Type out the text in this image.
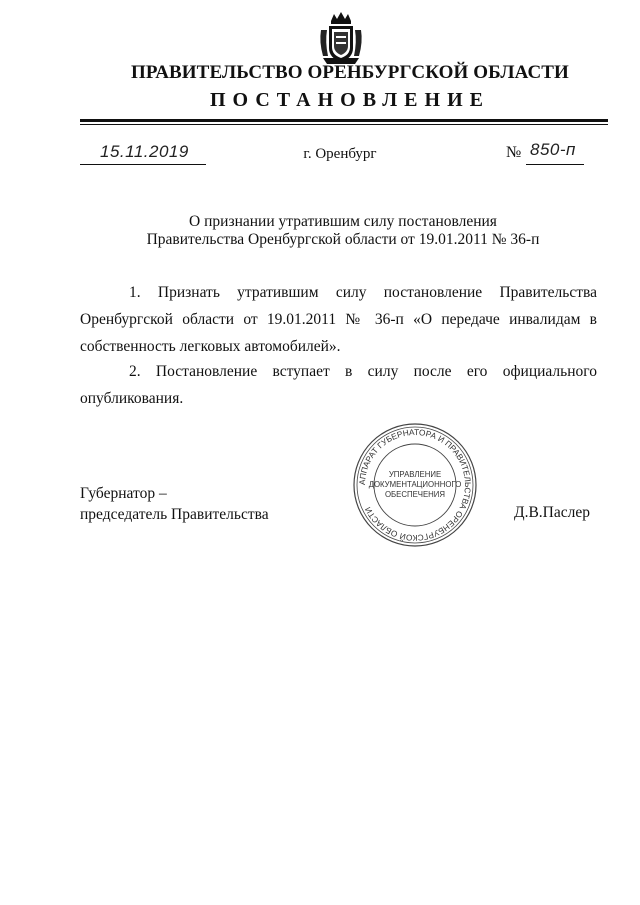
ПРАВИТЕЛЬСТВО ОРЕНБУРГСКОЙ ОБЛАСТИ
ПОСТАНОВЛЕНИЕ
15.11.2019	г. Оренбург	№ 850-п
О признании утратившим силу постановления
Правительства Оренбургской области от 19.01.2011 № 36-п

1. Признать утратившим силу постановление Правительства Оренбургской области от 19.01.2011 № 36-п «О передаче инвалидам в собственность легковых автомобилей».

2. Постановление вступает в силу после его официального опубликования.

Губернатор –
председатель Правительства	Д.В.Паслер
АППАРАТ ГУБЕРНАТОРА И ПРАВИТЕЛЬСТВА ОРЕНБУРГСКОЙ ОБЛАСТИ
УПРАВЛЕНИЕ
ДОКУМЕНТАЦИОННОГО
ОБЕСПЕЧЕНИЯ
